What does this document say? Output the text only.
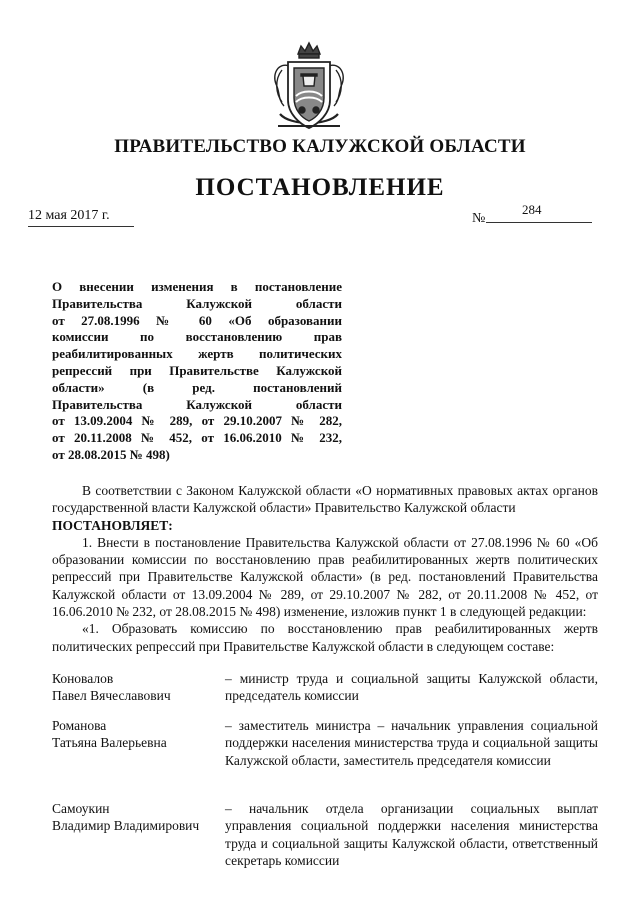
ПРАВИТЕЛЬСТВО КАЛУЖСКОЙ ОБЛАСТИ
ПОСТАНОВЛЕНИЕ
12 мая 2017 г.	№
284
О внесении изменения в постановление
Правительства Калужской области
от 27.08.1996 № 60 «Об образовании
комиссии по восстановлению прав
реабилитированных жертв политических
репрессий при Правительстве Калужской
области» (в ред. постановлений
Правительства Калужской области
от 13.09.2004 № 289, от 29.10.2007 № 282,
от 20.11.2008 № 452, от 16.06.2010 № 232,
от 28.08.2015 № 498)

В соответствии с Законом Калужской области «О нормативных правовых актах органов государственной власти Калужской области» Правительство Калужской области

ПОСТАНОВЛЯЕТ:

1. Внести в постановление Правительства Калужской области от 27.08.1996 № 60 «Об образовании комиссии по восстановлению прав реабилитированных жертв политических репрессий при Правительстве Калужской области» (в ред. постановлений Правительства Калужской области от 13.09.2004 № 289, от 29.10.2007 № 282, от 20.11.2008 № 452, от 16.06.2010 № 232, от 28.08.2015 № 498) изменение, изложив пункт 1 в следующей редакции:

«1. Образовать комиссию по восстановлению прав реабилитированных жертв политических репрессий при Правительстве Калужской области в следующем составе:

Коновалов
Павел Вячеславович
– министр труда и социальной защиты Калужской области, председатель комиссии
Романова
Татьяна Валерьевна
– заместитель министра – начальник управления социальной поддержки населения министерства труда и социальной защиты Калужской области, заместитель председателя комиссии
Самоукин
Владимир Владимирович
– начальник отдела организации социальных выплат управления социальной поддержки населения министерства труда и социальной защиты Калужской области, ответственный секретарь комиссии
